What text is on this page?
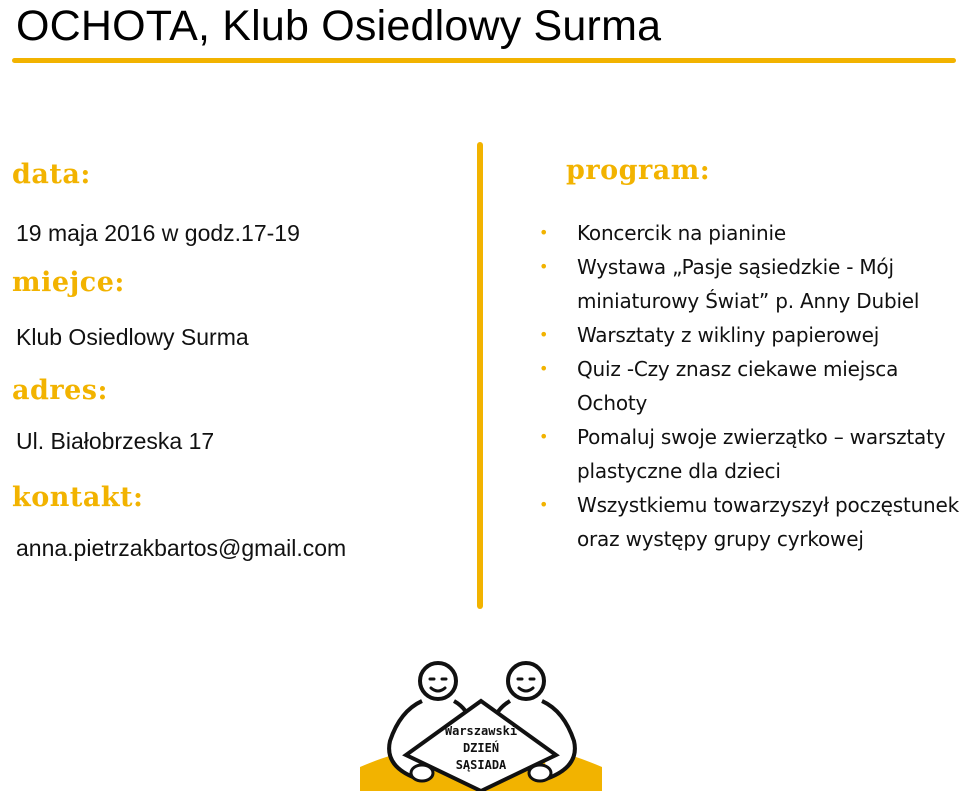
OCHOTA, Klub Osiedlowy Surma
data:
19 maja 2016 w godz.17-19
miejce:
Klub Osiedlowy Surma
adres:
Ul. Białobrzeska 17
kontakt:
anna.pietrzakbartos@gmail.com
program:
• Koncercik na pianinie
• Wystawa „Pasje sąsiedzkie - Mój miniaturowy Świat” p. Anny Dubiel
• Warsztaty z wikliny papierowej
• Quiz -Czy znasz ciekawe miejsca Ochoty
• Pomaluj swoje zwierzątko – warsztaty plastyczne dla dzieci
• Wszystkiemu towarzyszył poczęstunek oraz występy grupy cyrkowej
Warszawski
DZIEŃ
SĄSIADA
